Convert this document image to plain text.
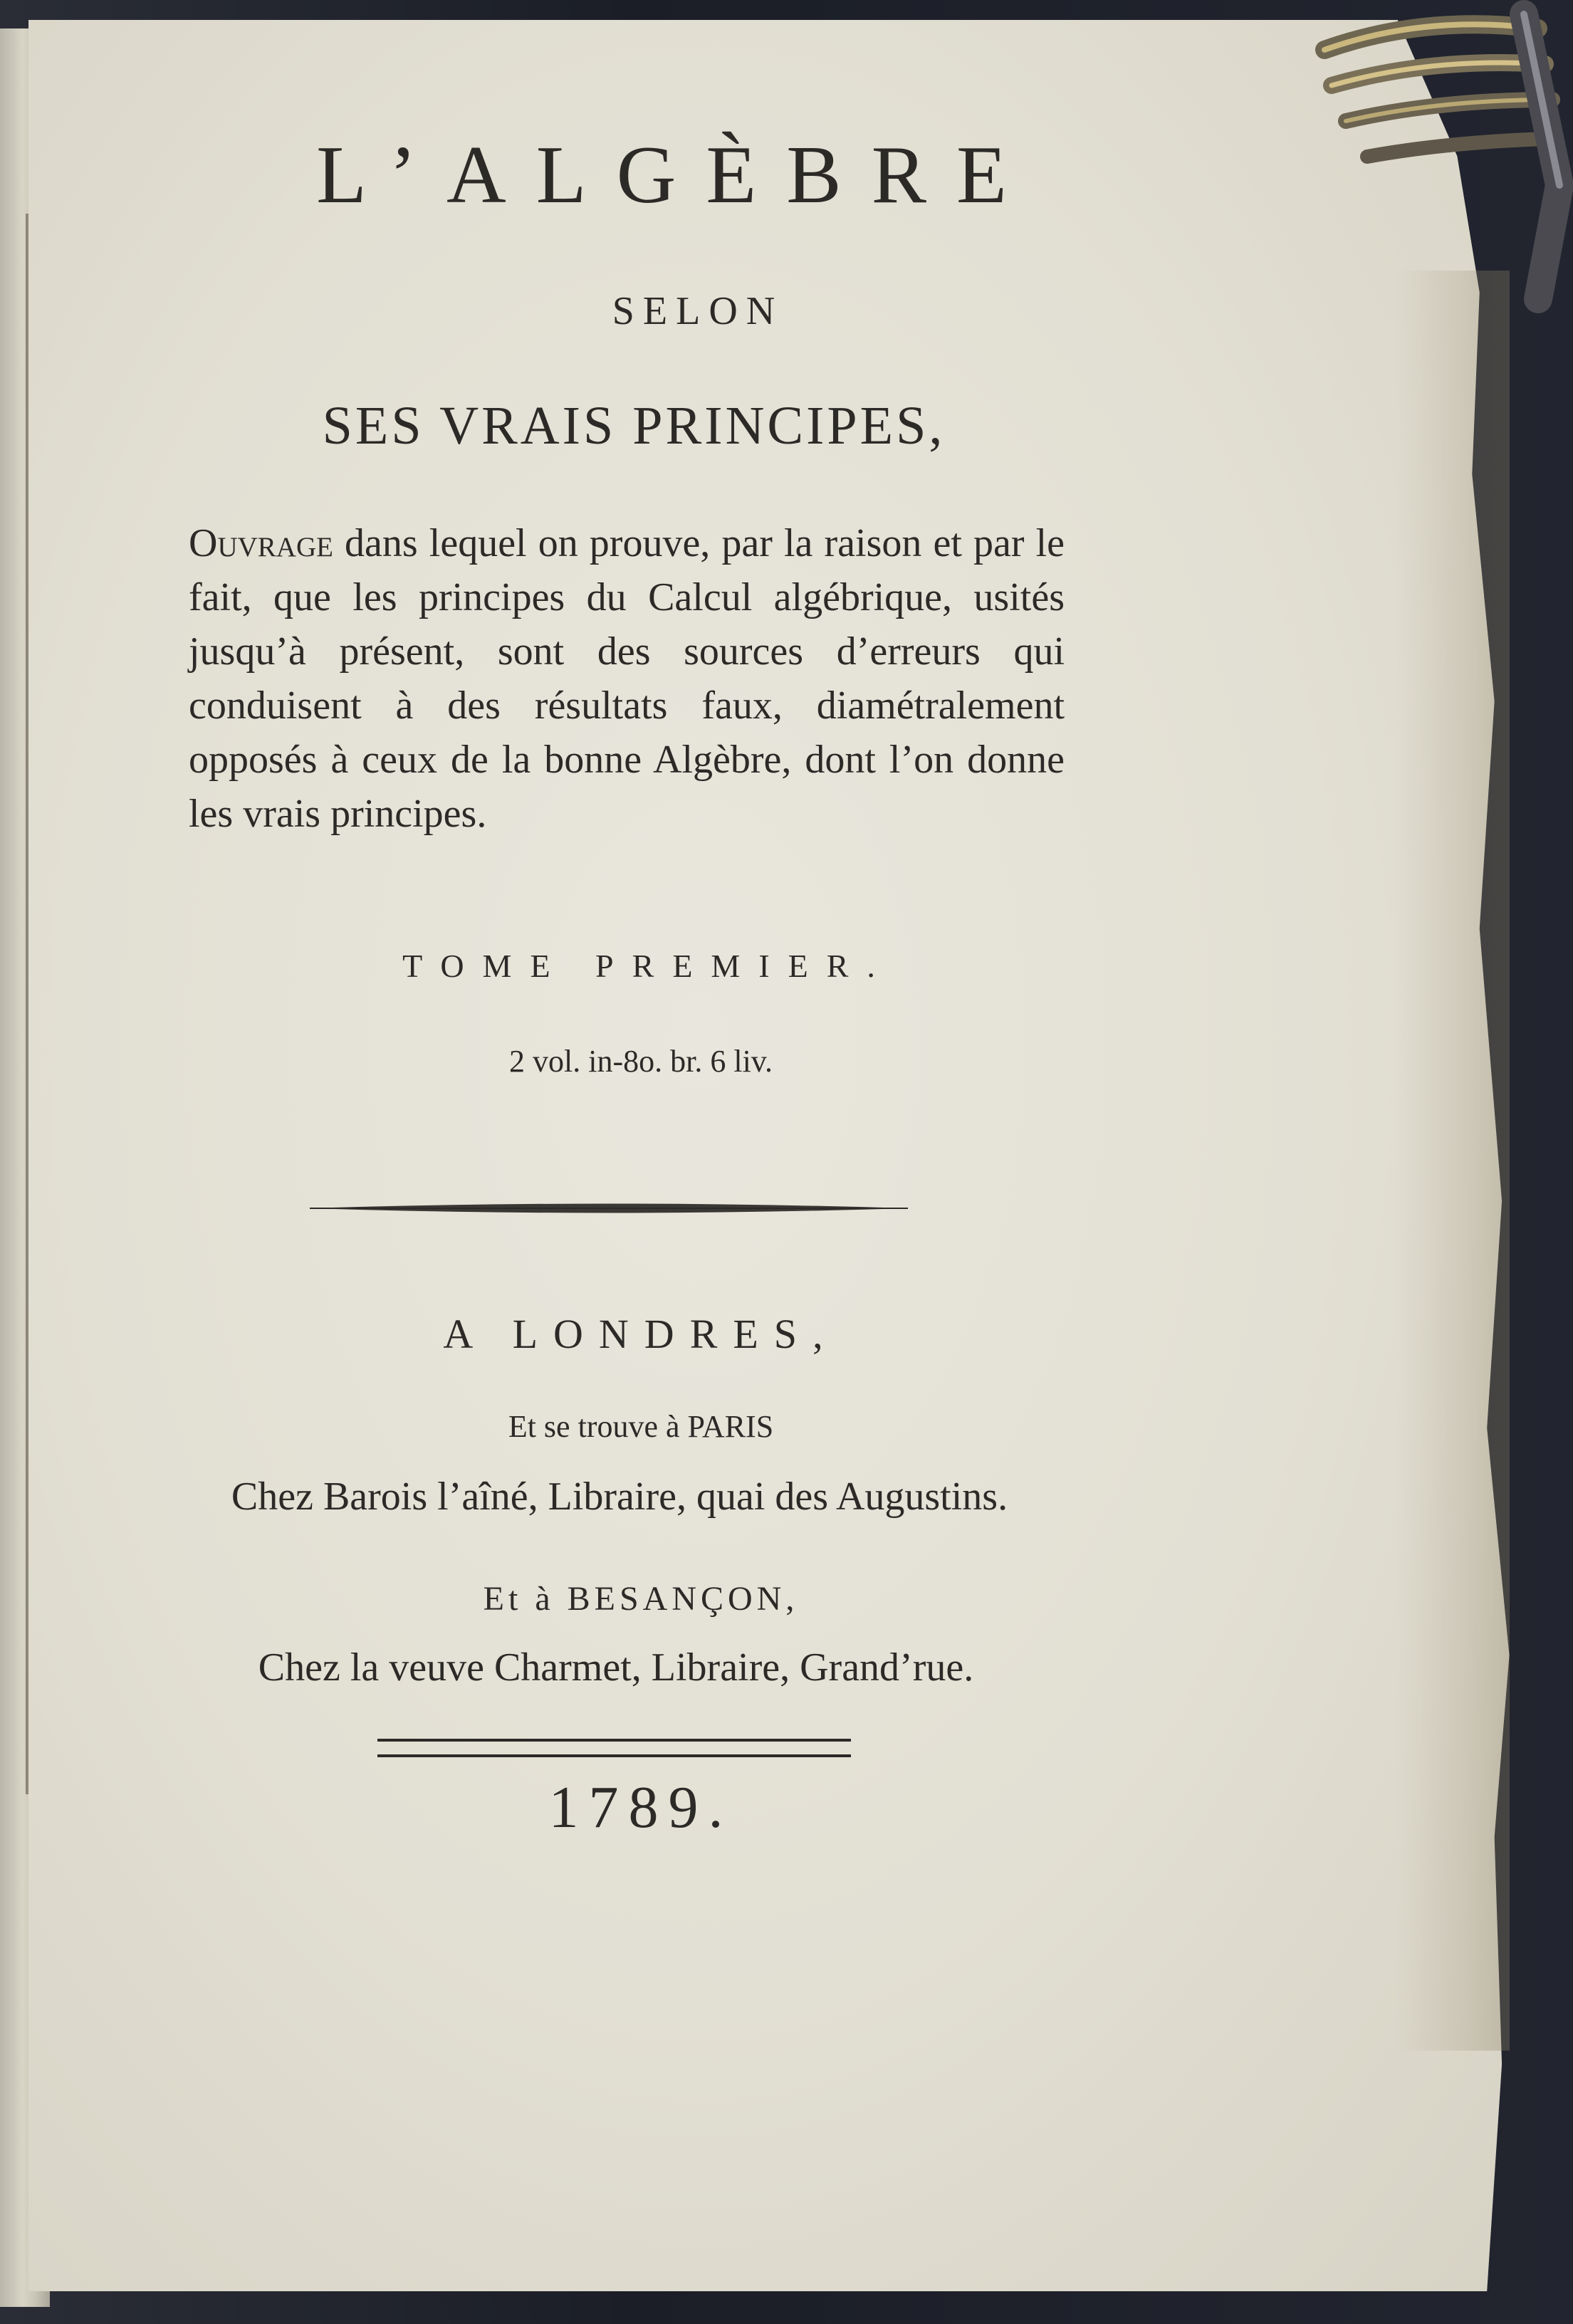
L’ALGÈBRE
SELON
SES VRAIS PRINCIPES,
Ouvrage dans lequel on prouve, par la raison et par le fait, que les principes du Calcul algébrique, usités jusqu’à présent, sont des sources d’erreurs qui conduisent à des résultats faux, diamétralement opposés à ceux de la bonne Algèbre, dont l’on donne les vrais principes.
TOME PREMIER.
2 vol. in-8o. br. 6 liv.
A LONDRES,
Et se trouve à PARIS
Chez Barois l’aîné, Libraire, quai des Augustins.
Et à BESANÇON,
Chez la veuve Charmet, Libraire, Grand’rue.
1789.
